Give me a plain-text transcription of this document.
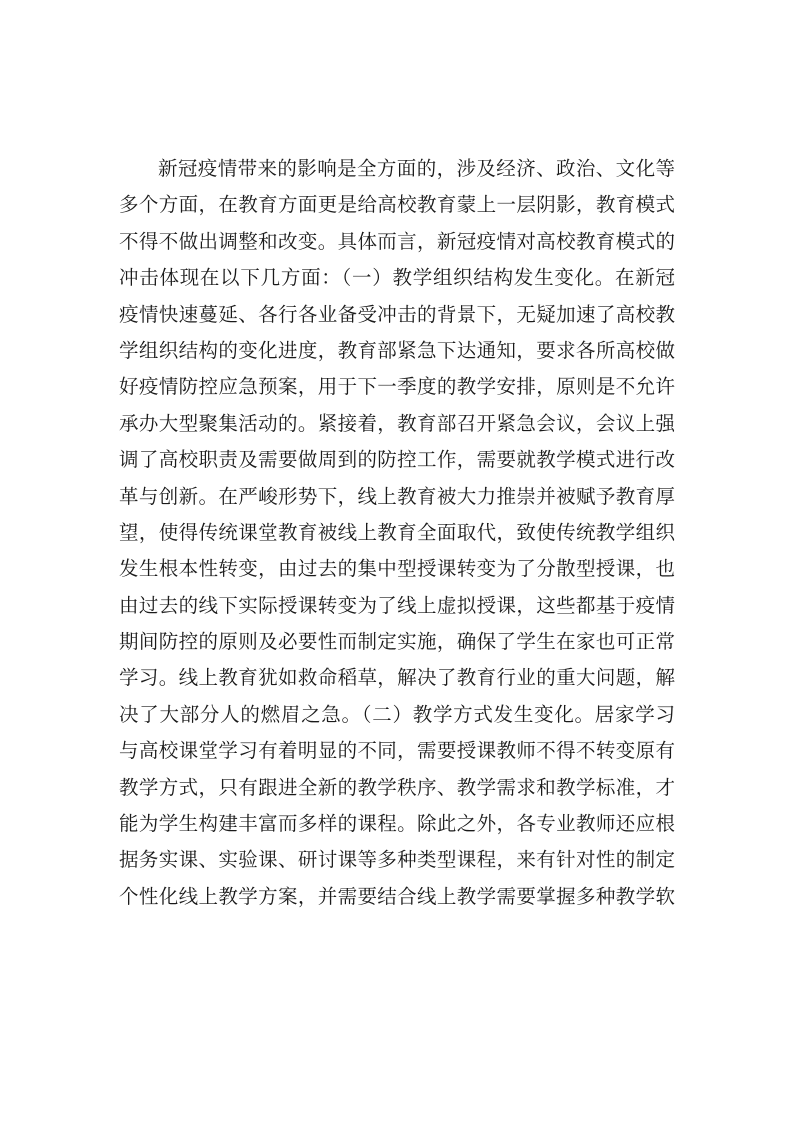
新冠疫情带来的影响是全方面的，涉及经济、政治、文化等
多个方面，在教育方面更是给高校教育蒙上一层阴影，教育模式
不得不做出调整和改变。具体而言，新冠疫情对高校教育模式的
冲击体现在以下几方面：（一）教学组织结构发生变化。在新冠
疫情快速蔓延、各行各业备受冲击的背景下，无疑加速了高校教
学组织结构的变化进度，教育部紧急下达通知，要求各所高校做
好疫情防控应急预案，用于下一季度的教学安排，原则是不允许
承办大型聚集活动的。紧接着，教育部召开紧急会议，会议上强
调了高校职责及需要做周到的防控工作，需要就教学模式进行改
革与创新。在严峻形势下，线上教育被大力推崇并被赋予教育厚
望，使得传统课堂教育被线上教育全面取代，致使传统教学组织
发生根本性转变，由过去的集中型授课转变为了分散型授课，也
由过去的线下实际授课转变为了线上虚拟授课，这些都基于疫情
期间防控的原则及必要性而制定实施，确保了学生在家也可正常
学习。线上教育犹如救命稻草，解决了教育行业的重大问题，解
决了大部分人的燃眉之急。（二）教学方式发生变化。居家学习
与高校课堂学习有着明显的不同，需要授课教师不得不转变原有
教学方式，只有跟进全新的教学秩序、教学需求和教学标准，才
能为学生构建丰富而多样的课程。除此之外，各专业教师还应根
据务实课、实验课、研讨课等多种类型课程，来有针对性的制定
个性化线上教学方案，并需要结合线上教学需要掌握多种教学软
